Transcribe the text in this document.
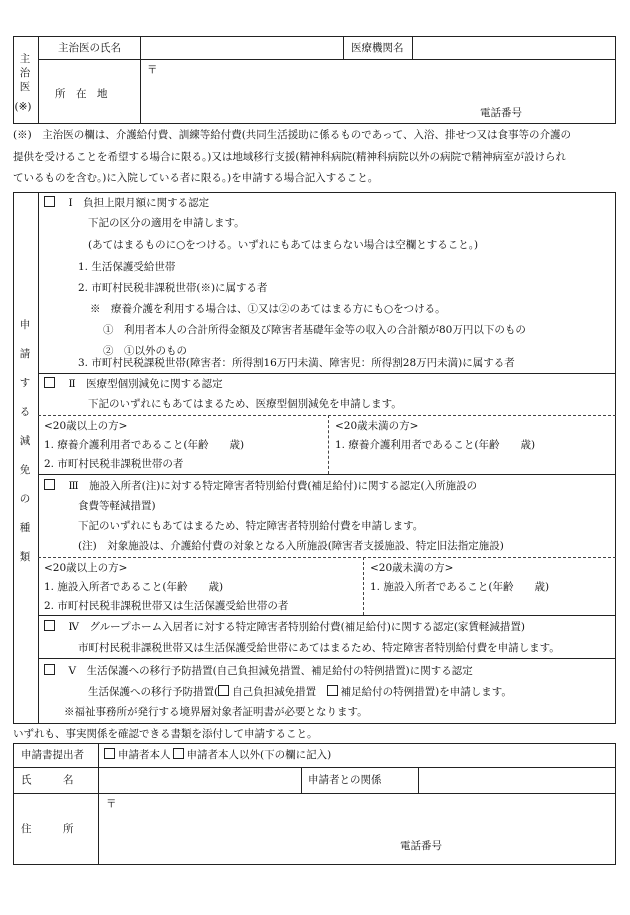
主
治
医
(※)
主治医の氏名	医療機関名
所　在　地
〒
電話番号
(※)　主治医の欄は、介護給付費、訓練等給付費(共同生活援助に係るものであって、入浴、排せつ又は食事等の介護の
提供を受けることを希望する場合に限る。)又は地域移行支援(精神科病院(精神科病院以外の病院で精神病室が設けられ
ているものを含む。)に入院している者に限る。)を申請する場合記入すること。
申
請
す
る
減
免
の
種
類
　Ⅰ　負担上限月額に関する認定
下記の区分の適用を申請します。
(あてはまるものに○をつける。いずれにもあてはまらない場合は空欄とすること。)
1. 生活保護受給世帯
2. 市町村民税非課税世帯(※)に属する者
※　療養介護を利用する場合は、①又は②のあてはまる方にも○をつける。
①　利用者本人の合計所得金額及び障害者基礎年金等の収入の合計額が80万円以下のもの
②　①以外のもの
3. 市町村民税課税世帯(障害者：所得割16万円未満、障害児：所得割28万円未満)に属する者
　Ⅱ　医療型個別減免に関する認定
下記のいずれにもあてはまるため、医療型個別減免を申請します。
<20歳以上の方>
1. 療養介護利用者であること(年齢　　歳)
2. 市町村民税非課税世帯の者
<20歳未満の方>
1. 療養介護利用者であること(年齢　　歳)
　Ⅲ　施設入所者(注)に対する特定障害者特別給付費(補足給付)に関する認定(入所施設の
食費等軽減措置)
下記のいずれにもあてはまるため、特定障害者特別給付費を申請します。
(注)　対象施設は、介護給付費の対象となる入所施設(障害者支援施設、特定旧法指定施設)
<20歳以上の方>
1. 施設入所者であること(年齢　　歳)
2. 市町村民税非課税世帯又は生活保護受給世帯の者
<20歳未満の方>
1. 施設入所者であること(年齢　　歳)
　Ⅳ　グループホーム入居者に対する特定障害者特別給付費(補足給付)に関する認定(家賃軽減措置)
市町村民税非課税世帯又は生活保護受給世帯にあてはまるため、特定障害者特別給付費を申請します。
　Ⅴ　生活保護への移行予防措置(自己負担減免措置、補足給付の特例措置)に関する認定
生活保護への移行予防措置( 自己負担減免措置　補足給付の特例措置)を申請します。
※福祉事務所が発行する境界層対象者証明書が必要となります。
いずれも、事実関係を確認できる書類を添付して申請すること。
申請書提出者	申請者本人 申請者本人以外(下の欄に記入)
氏　　　名	申請者との関係
住　　　所
〒
電話番号
